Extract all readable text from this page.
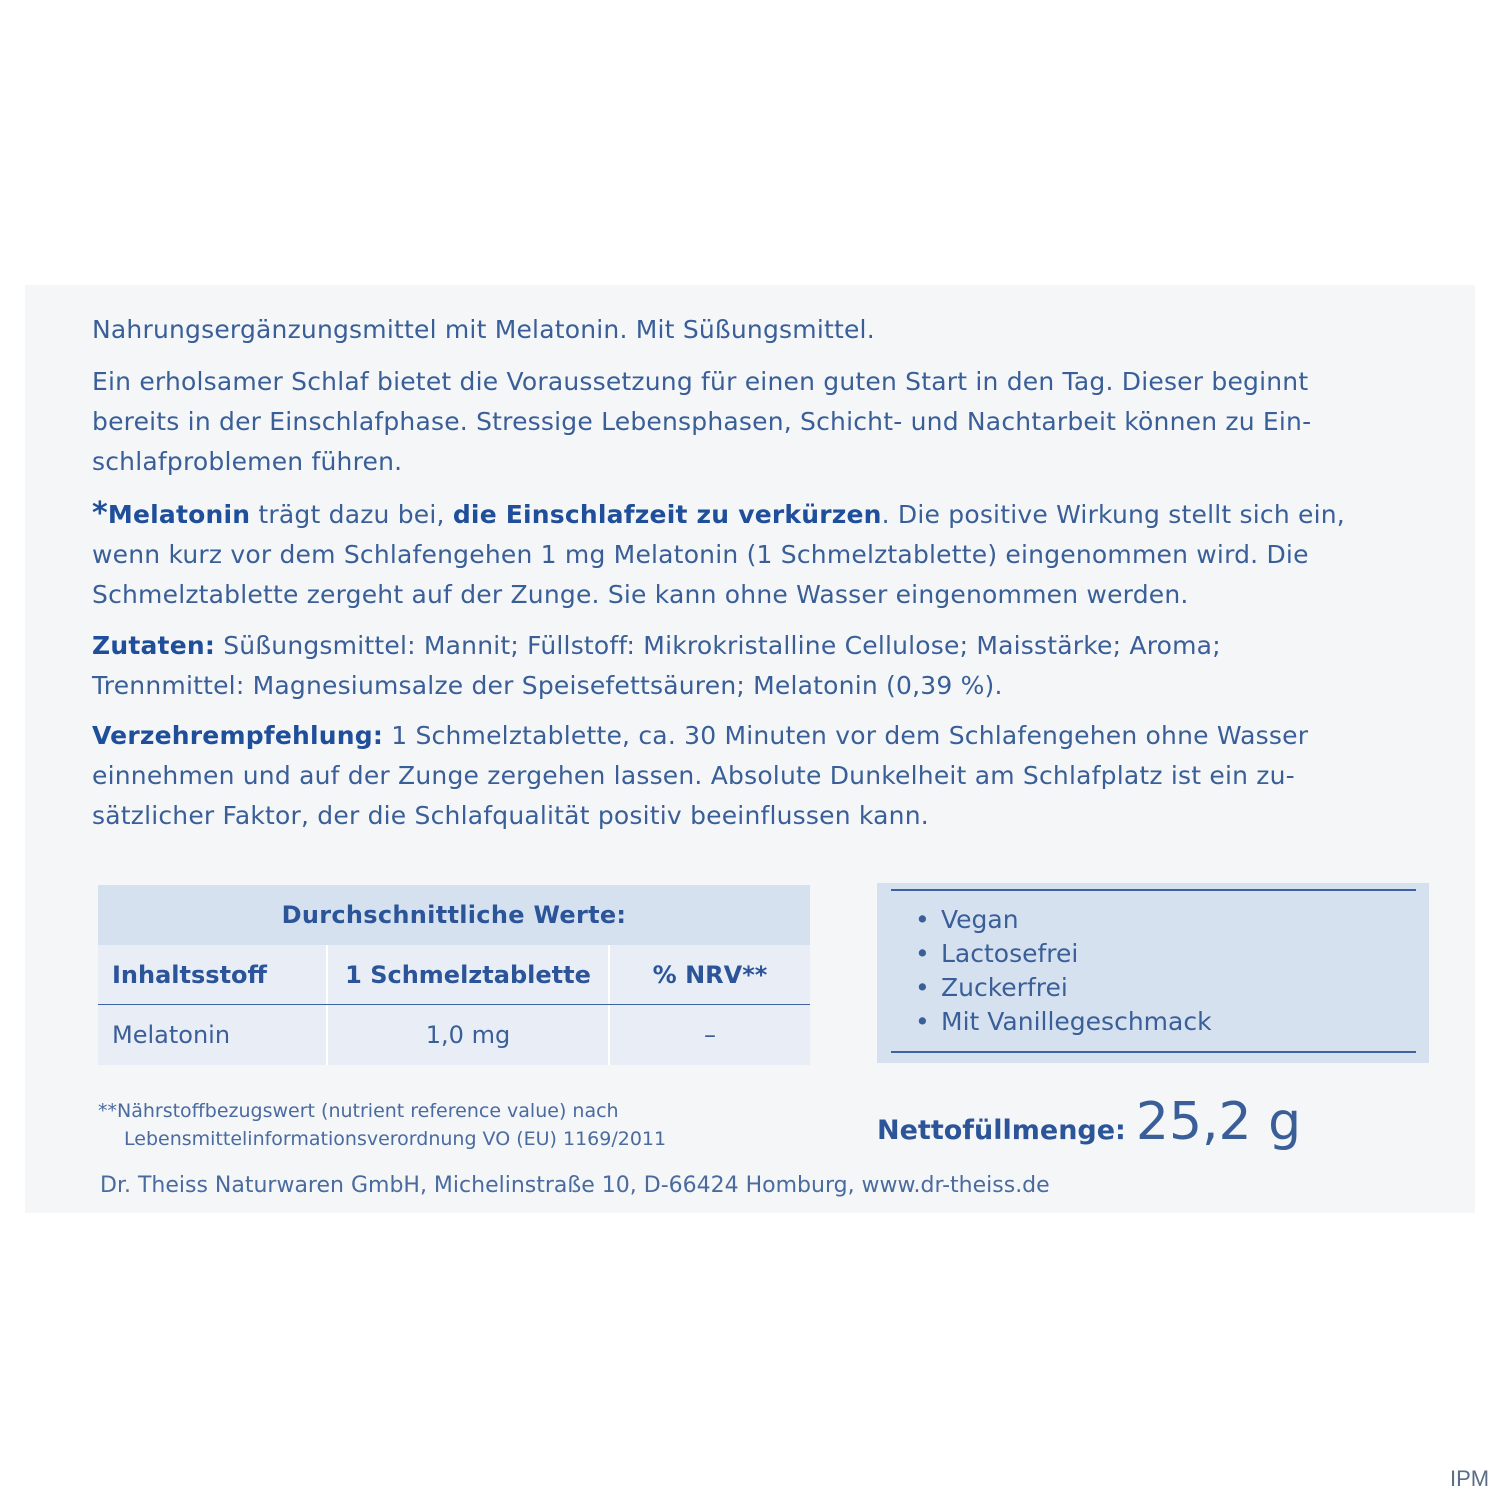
Nahrungsergänzungsmittel mit Melatonin. Mit Süßungsmittel.
Ein erholsamer Schlaf bietet die Voraussetzung für einen guten Start in den Tag. Dieser beginnt
bereits in der Einschlafphase. Stressige Lebensphasen, Schicht- und Nachtarbeit können zu Ein-
schlafproblemen führen.
*Melatonin trägt dazu bei, die Einschlafzeit zu verkürzen. Die positive Wirkung stellt sich ein,
wenn kurz vor dem Schlafengehen 1 mg Melatonin (1 Schmelztablette) eingenommen wird. Die
Schmelztablette zergeht auf der Zunge. Sie kann ohne Wasser eingenommen werden.
Zutaten: Süßungsmittel: Mannit; Füllstoff: Mikrokristalline Cellulose; Maisstärke; Aroma;
Trennmittel: Magnesiumsalze der Speisefettsäuren; Melatonin (0,39 %).
Verzehrempfehlung: 1 Schmelztablette, ca. 30 Minuten vor dem Schlafengehen ohne Wasser
einnehmen und auf der Zunge zergehen lassen. Absolute Dunkelheit am Schlafplatz ist ein zu-
sätzlicher Faktor, der die Schlafqualität positiv beeinflussen kann.
Durchschnittliche Werte:
Inhaltsstoff	1 Schmelztablette	% NRV**
Melatonin	1,0 mg	–
**Nährstoffbezugswert (nutrient reference value) nach
Lebensmittelinformationsverordnung VO (EU) 1169/2011
• Vegan
• Lactosefrei
• Zuckerfrei
• Mit Vanillegeschmack
Nettofüllmenge: 25,2 g
Dr. Theiss Naturwaren GmbH, Michelinstraße 10, D-66424 Homburg, www.dr-theiss.de
IPM
